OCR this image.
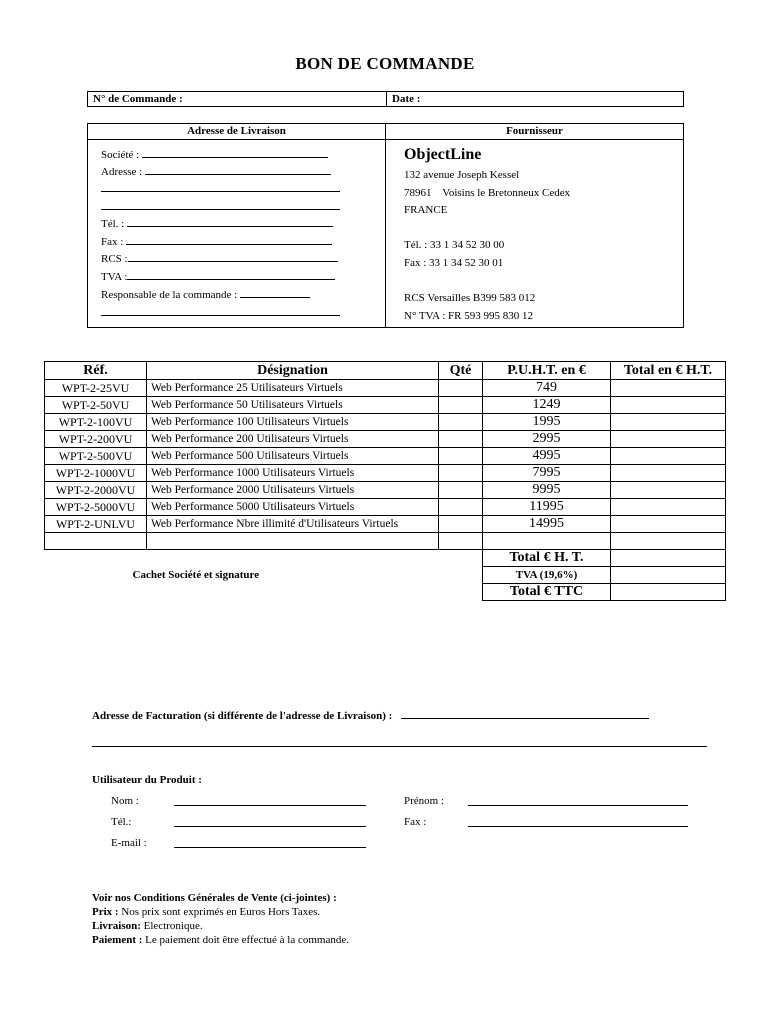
BON DE COMMANDE
N° de Commande :	Date :
Adresse de Livraison	Fournisseur
Société :
Adresse :
Tél. :
Fax :
RCS :
TVA :
Responsable de la commande :
ObjectLine
132 avenue Joseph Kessel
78961    Voisins le Bretonneux Cedex
FRANCE
Tél. : 33 1 34 52 30 00
Fax : 33 1 34 52 30 01
RCS Versailles B399 583 012
N° TVA : FR 593 995 830 12
Réf.	Désignation	Qté	P.U.H.T. en €	Total en € H.T.
WPT-2-25VU	Web Performance 25 Utilisateurs Virtuels		749	
WPT-2-50VU	Web Performance 50 Utilisateurs Virtuels		1249	
WPT-2-100VU	Web Performance 100 Utilisateurs Virtuels		1995	
WPT-2-200VU	Web Performance 200 Utilisateurs Virtuels		2995	
WPT-2-500VU	Web Performance 500 Utilisateurs Virtuels		4995	
WPT-2-1000VU	Web Performance 1000 Utilisateurs Virtuels		7995	
WPT-2-2000VU	Web Performance 2000 Utilisateurs Virtuels		9995	
WPT-2-5000VU	Web Performance 5000 Utilisateurs Virtuels		11995	
WPT-2-UNLVU	Web Performance Nbre illimité d'Utilisateurs Virtuels		14995	

Cachet Société et signature			Total € H. T.	
			TVA (19,6%)	
			Total € TTC	
Adresse de Facturation (si différente de l'adresse de Livraison) :
Utilisateur du Produit :
Nom :	Prénom :
Tél.:	Fax :
E-mail :
Voir nos Conditions Générales de Vente (ci-jointes) :
Prix : Nos prix sont exprimés en Euros Hors Taxes.
Livraison: Electronique.
Paiement : Le paiement doit être effectué à la commande.
